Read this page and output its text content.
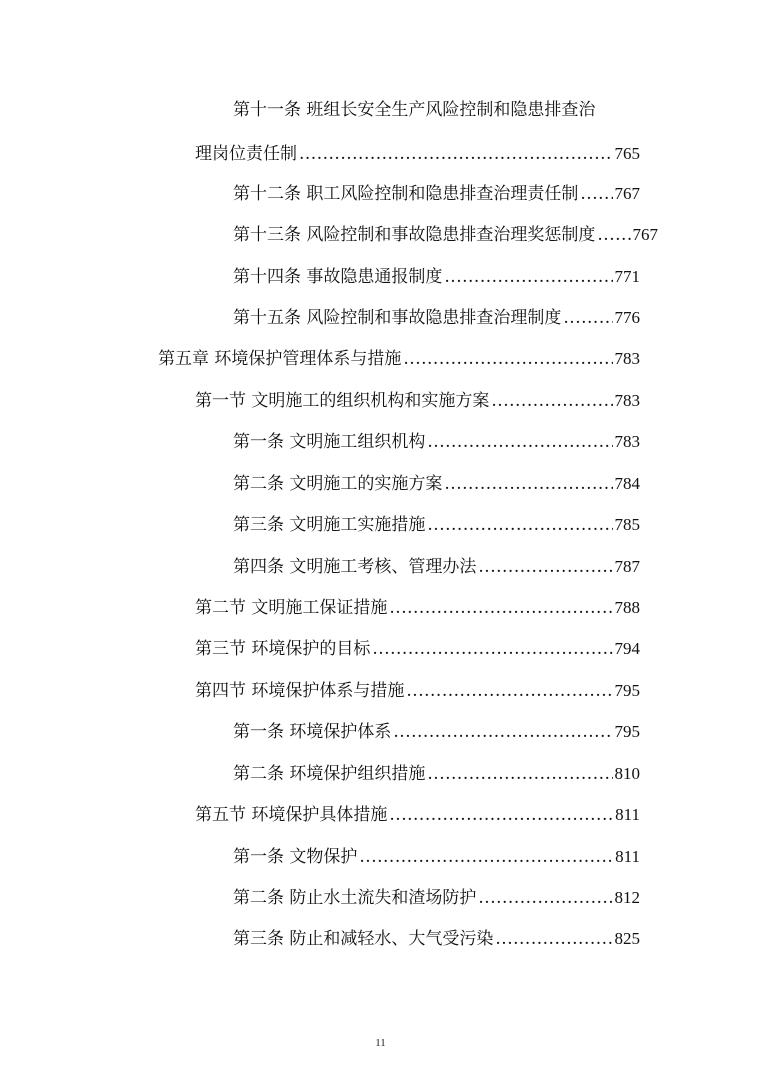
第十一条 班组长安全生产风险控制和隐患排查治
理岗位责任制 .....	765
第十二条 职工风险控制和隐患排查治理责任制 ..... 767
第十三条 风险控制和事故隐患排查治理奖惩制度 ..... 767
第十四条 事故隐患通报制度 .....	771
第十五条 风险控制和事故隐患排查治理制度 .....	776
第五章 环境保护管理体系与措施 .....	783
第一节 文明施工的组织机构和实施方案 .....	783
第一条 文明施工组织机构 .....	783
第二条 文明施工的实施方案 .....	784
第三条 文明施工实施措施 .....	785
第四条 文明施工考核、管理办法 .....	787
第二节 文明施工保证措施 .....	788
第三节 环境保护的目标 .....	794
第四节 环境保护体系与措施 .....	795
第一条 环境保护体系 .....	795
第二条 环境保护组织措施 .....	810
第五节 环境保护具体措施 .....	811
第一条 文物保护 .....	811
第二条 防止水土流失和渣场防护 .....	812
第三条 防止和减轻水、大气受污染 .....	825
11
